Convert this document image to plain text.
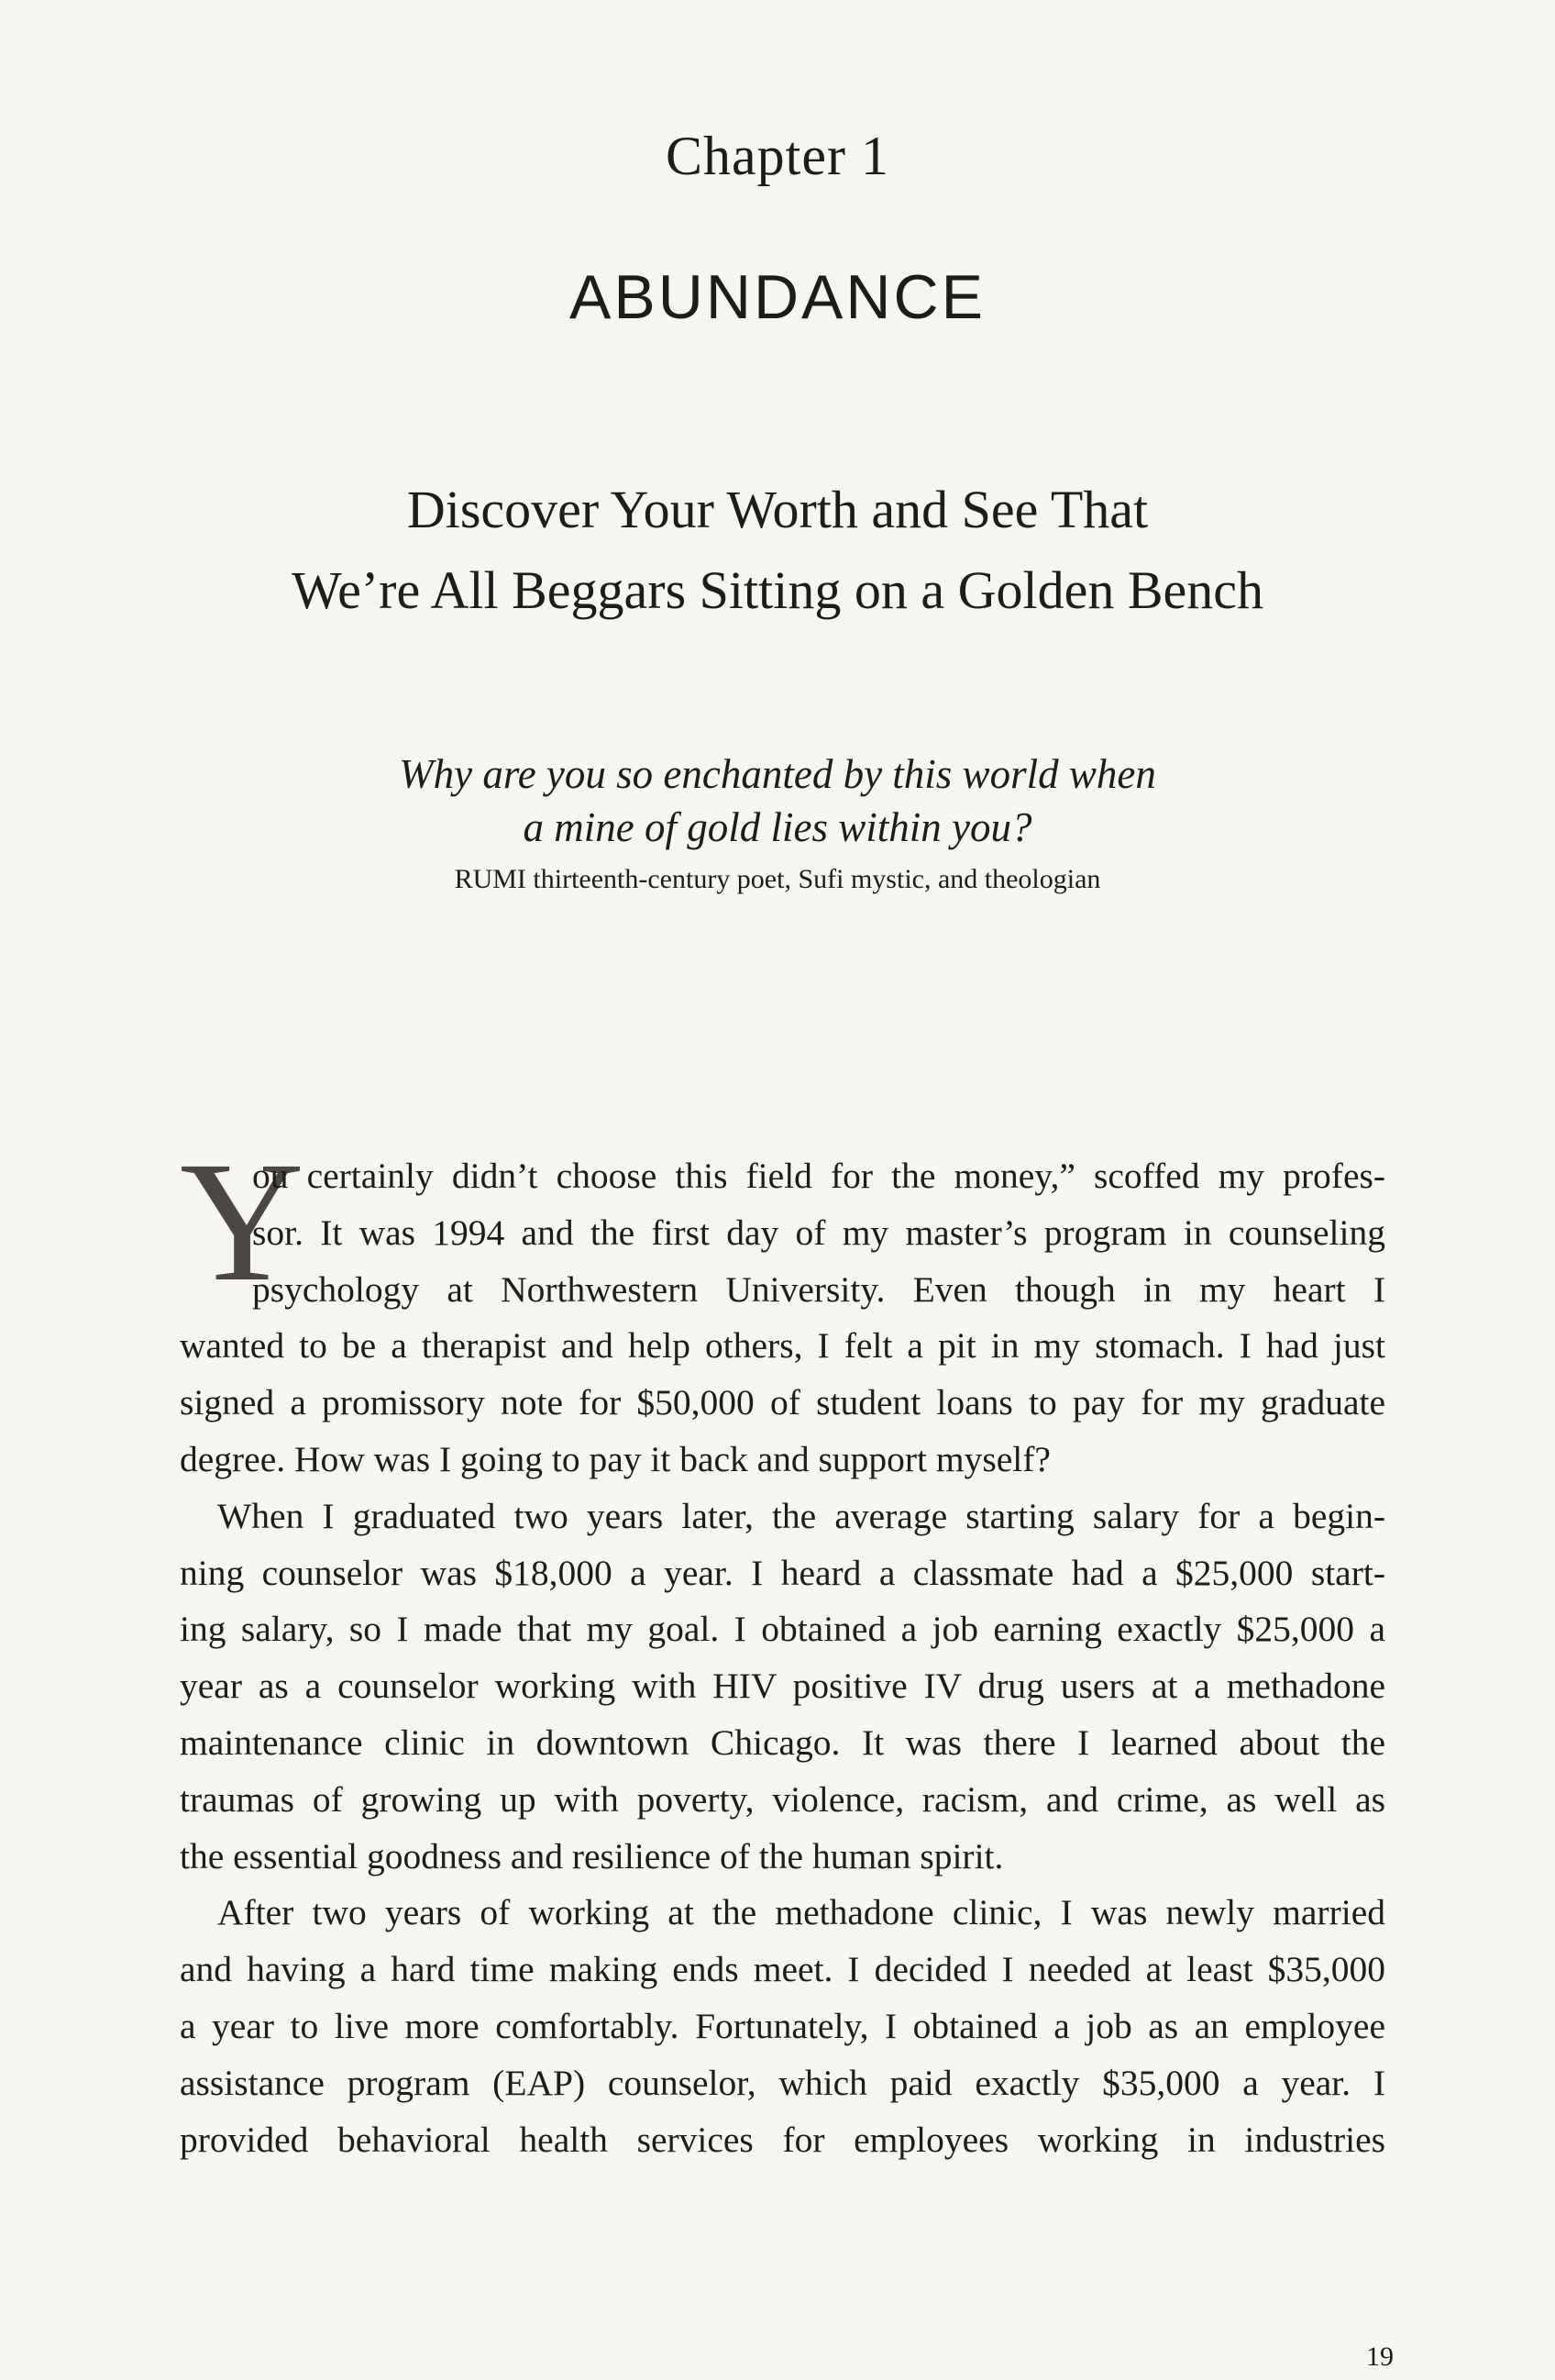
Chapter 1
ABUNDANCE
Discover Your Worth and See That
We’re All Beggars Sitting on a Golden Bench
Why are you so enchanted by this world when
a mine of gold lies within you?
RUMI thirteenth-century poet, Sufi mystic, and theologian
Y
ou certainly didn’t choose this field for the money,” scoffed my profes-
sor. It was 1994 and the first day of my master’s program in counseling
psychology at Northwestern University. Even though in my heart I
wanted to be a therapist and help others, I felt a pit in my stomach. I had just
signed a promissory note for $50,000 of student loans to pay for my graduate
degree. How was I going to pay it back and support myself?
When I graduated two years later, the average starting salary for a begin-
ning counselor was $18,000 a year. I heard a classmate had a $25,000 start-
ing salary, so I made that my goal. I obtained a job earning exactly $25,000 a
year as a counselor working with HIV positive IV drug users at a methadone
maintenance clinic in downtown Chicago. It was there I learned about the
traumas of growing up with poverty, violence, racism, and crime, as well as
the essential goodness and resilience of the human spirit.
After two years of working at the methadone clinic, I was newly married
and having a hard time making ends meet. I decided I needed at least $35,000
a year to live more comfortably. Fortunately, I obtained a job as an employee
assistance program (EAP) counselor, which paid exactly $35,000 a year. I
provided behavioral health services for employees working in industries
19
